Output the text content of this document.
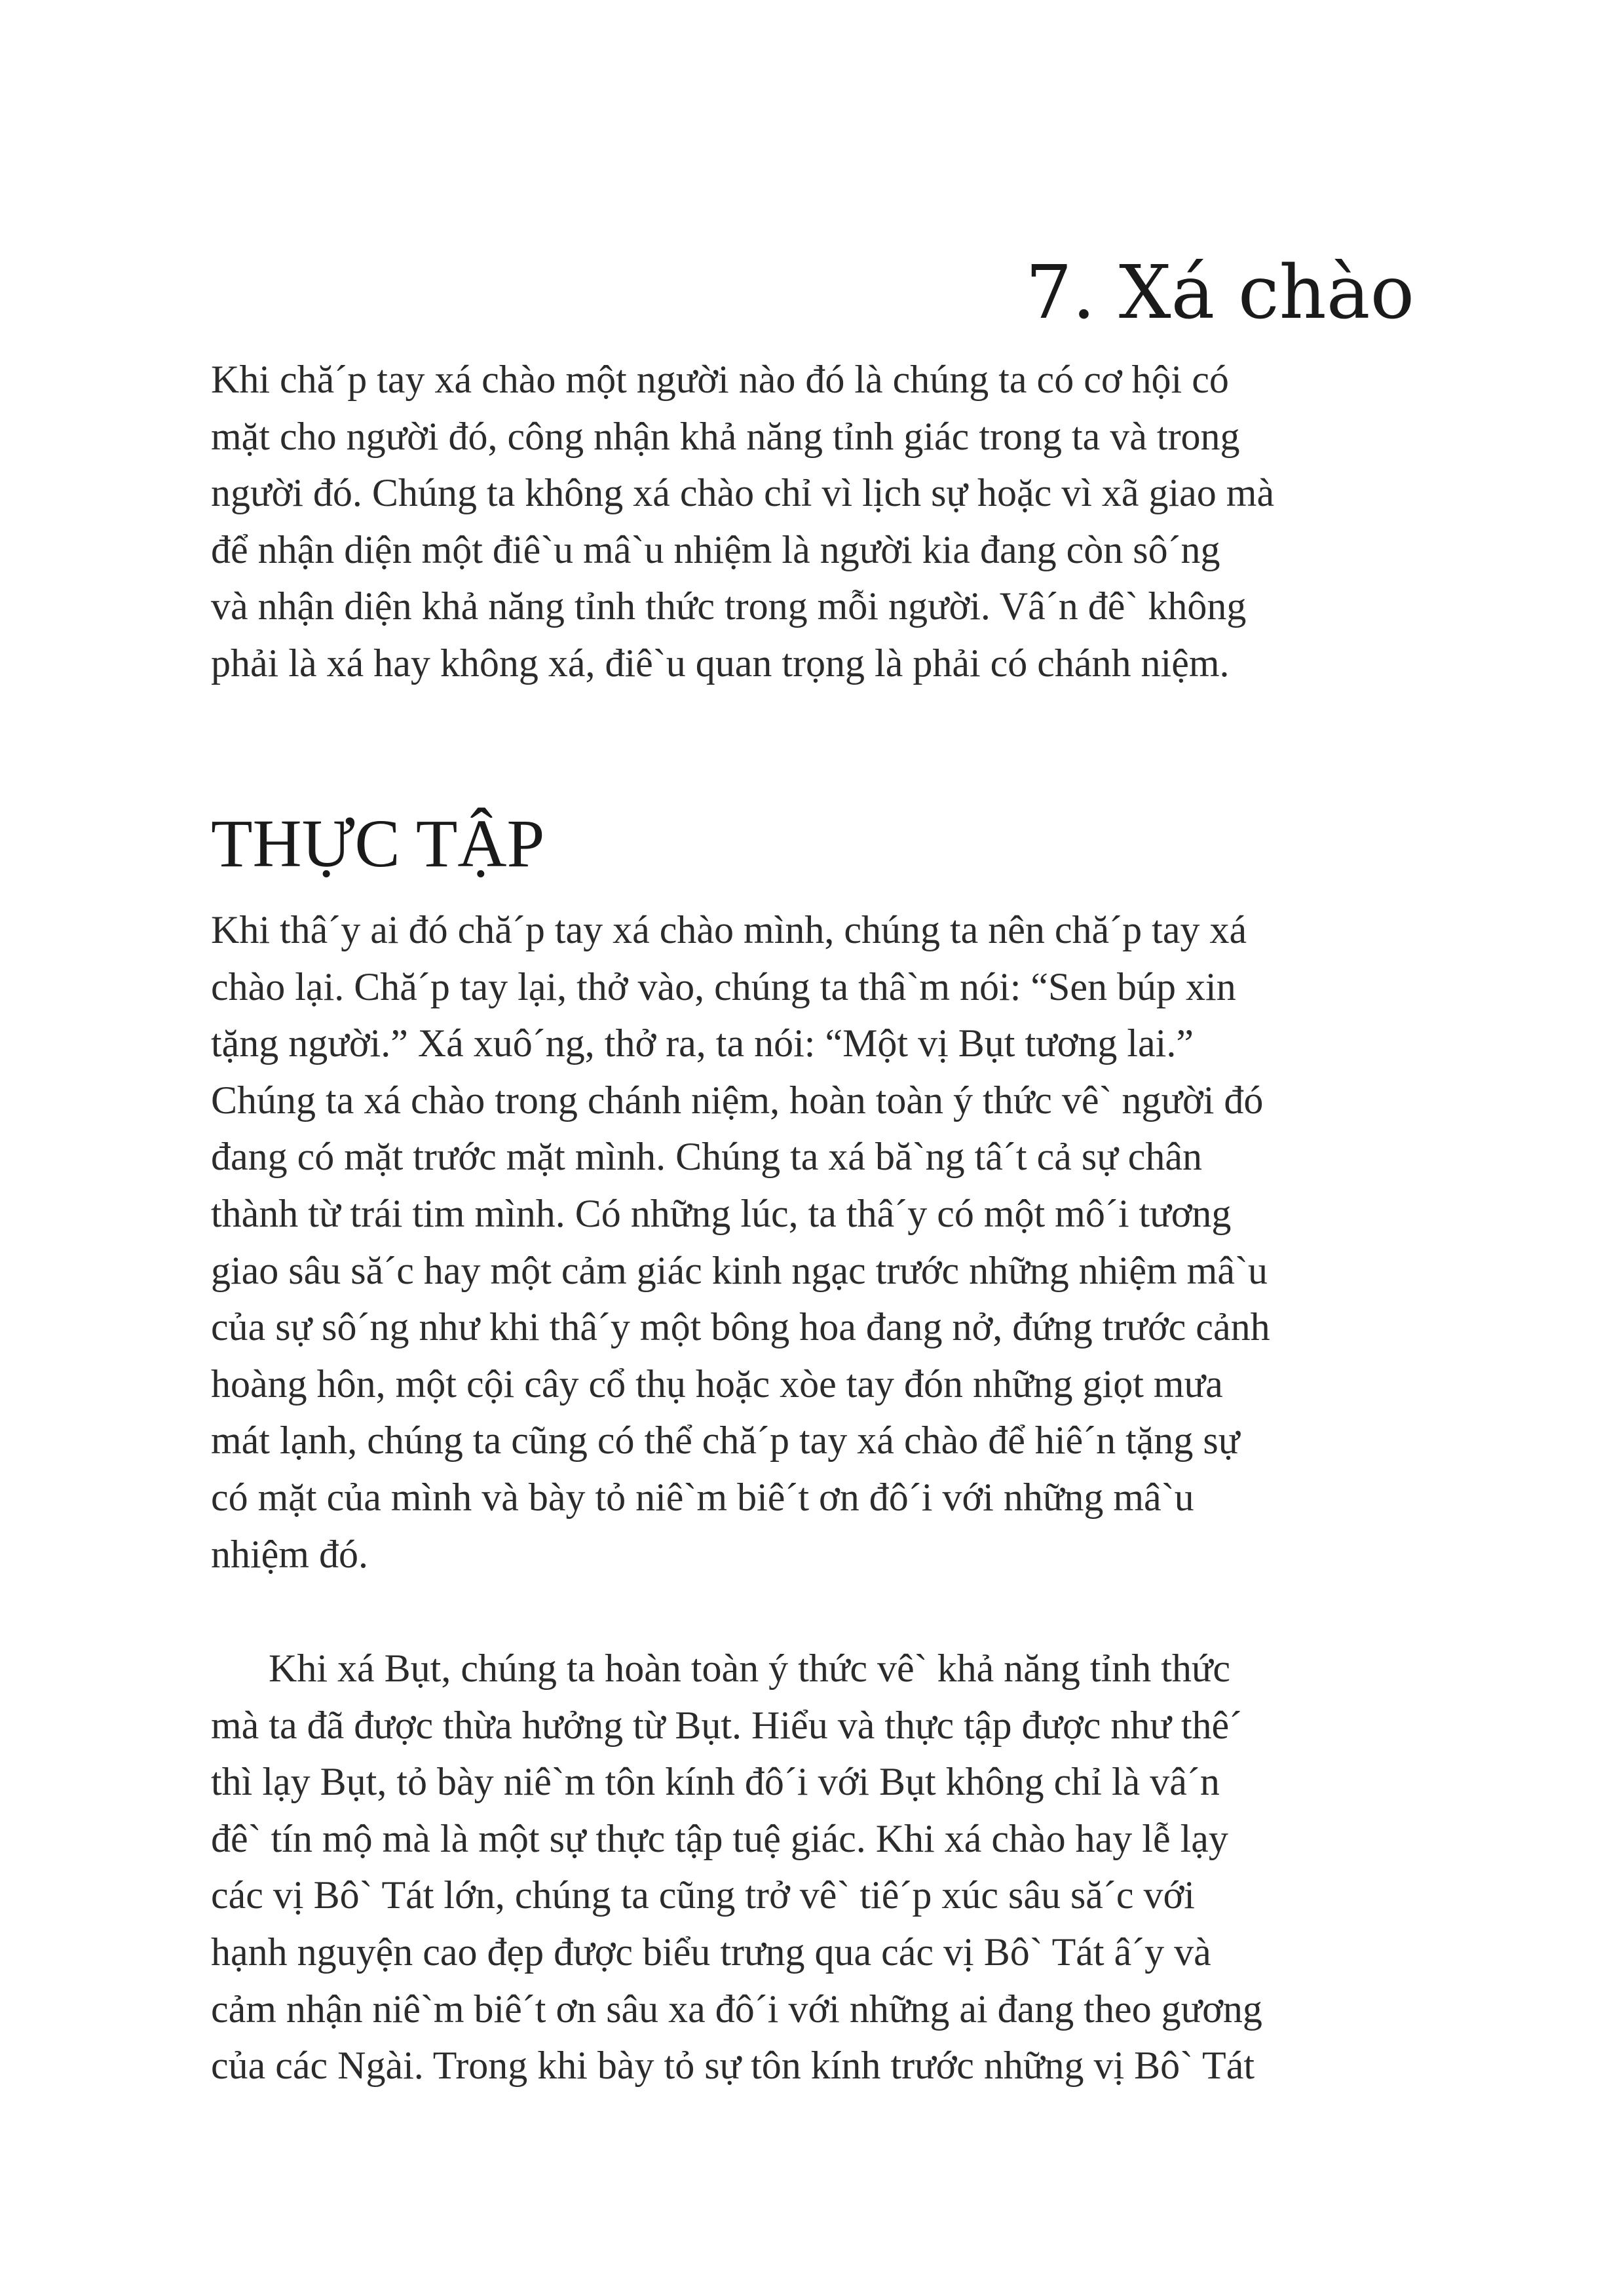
7. Xá chào
Khi chă´p tay xá chào một người nào đó là chúng ta có cơ hội có
mặt cho người đó, công nhận khả năng tỉnh giác trong ta và trong
người đó. Chúng ta không xá chào chỉ vì lịch sự hoặc vì xã giao mà
để nhận diện một điê`u mâ`u nhiệm là người kia đang còn sô´ng
và nhận diện khả năng tỉnh thức trong mỗi người. Vâ´n đê` không
phải là xá hay không xá, điê`u quan trọng là phải có chánh niệm.
THỰC TẬP
Khi thâ´y ai đó chă´p tay xá chào mình, chúng ta nên chă´p tay xá
chào lại. Chă´p tay lại, thở vào, chúng ta thâ`m nói: “Sen búp xin
tặng người.” Xá xuô´ng, thở ra, ta nói: “Một vị Bụt tương lai.”
Chúng ta xá chào trong chánh niệm, hoàn toàn ý thức vê` người đó
đang có mặt trước mặt mình. Chúng ta xá bă`ng tâ´t cả sự chân
thành từ trái tim mình. Có những lúc, ta thâ´y có một mô´i tương
giao sâu să´c hay một cảm giác kinh ngạc trước những nhiệm mâ`u
của sự sô´ng như khi thâ´y một bông hoa đang nở, đứng trước cảnh
hoàng hôn, một cội cây cổ thụ hoặc xòe tay đón những giọt mưa
mát lạnh, chúng ta cũng có thể chă´p tay xá chào để hiê´n tặng sự
có mặt của mình và bày tỏ niê`m biê´t ơn đô´i với những mâ`u
nhiệm đó.
Khi xá Bụt, chúng ta hoàn toàn ý thức vê` khả năng tỉnh thức
mà ta đã được thừa hưởng từ Bụt. Hiểu và thực tập được như thê´
thì lạy Bụt, tỏ bày niê`m tôn kính đô´i với Bụt không chỉ là vâ´n
đê` tín mộ mà là một sự thực tập tuệ giác. Khi xá chào hay lễ lạy
các vị Bô` Tát lớn, chúng ta cũng trở vê` tiê´p xúc sâu să´c với
hạnh nguyện cao đẹp được biểu trưng qua các vị Bô` Tát â´y và
cảm nhận niê`m biê´t ơn sâu xa đô´i với những ai đang theo gương
của các Ngài. Trong khi bày tỏ sự tôn kính trước những vị Bô` Tát
